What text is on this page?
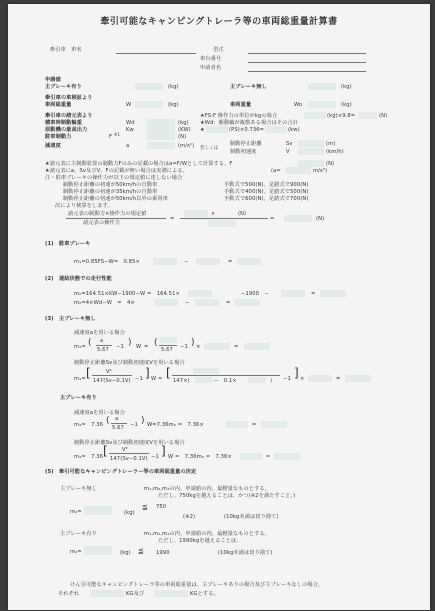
牽引可能なキャンピングトレーラ等の車両総重量計算書
牽引車　車名	型式
車台番号
申請者名
申請値
主ブレーキ有り	(kg)	主ブレーキ無し	(kg)
牽引車の車検証より
車両総重量	W	(kg)	車両重量	Wo	(kg)
牽引車の諸元表より	★FS:F 操作力の単位がkgの場合	(kg)×9.8=	(N)
積車時制動輪重	Wd	(kg) ★Wd：駆動輪が複数ある場合はその合計
原動機の最高出力	Kw	(KW) ★	(PS)×0.736=	(kw)
駐車制動力	F ※1	(N)
減速度	a	(m/s²) 若しくは
制動停止距離	Sv	(m)
制動初速度	V	(km/h)
★諸元表に主制動装置の制動力Fのみの記載の場合はa=F/Wとして計算する。F	(N)
★諸元表にa、Sv及びV、Fの記載が無い場合は実測による。	(a=	m/s²)
注・駐車ブレーキの操作力が以下の規定値に達しない場合
制動停止距離の初速が50km/hの自動車	手動式で500(N)、足踏式で900(N)
制動停止距離の初速が35km/hの自動車	手動式で400(N)、足踏式で500(N)
制動停止距離の初速が50km/h以外の乗用車	手動式で600(N)、足踏式で700(N)
次により検算をします。
諸元表の制動力×操作力の規定値
諸元表の操作力
=
×	(N)
=	(N)
(1)　駐車ブレーキ
m₁=0.85FS−W=　0.85×	−	=
(2)　連結状態での走行性能
m₂=164.51×KW−1900−W =　164.51×	−1900　−	=
m₂=4×Wd−W　=　4×	−	=
(3)　主ブレーキ無し
減速度aを用いる場合
m₃= ( a
5.67 −1 ) W = (
5.67 −1 ) ×	=
制動停止距離Sv及び制動初速度Vを用いる場合
m₃= [	V²
147(Sv−0.1V) −1 ] W = [
147×(	−　0.1×	) −1 ] ×	=
主ブレーキ有り
減速度aを用いる場合
m₄=　7.36 ( a
5.67 −1 ) W=7.36m₀ =　7.36×	=
制動停止距離Sv及び制動初速度Vを用いる場合
m₄=　7.36 [	V²
147(Sv−0.1V) −1 ] W =　7.36m₀ =　7.36×	=
(5)　牽引可能なキャンピングトレーラー等の車両総重量の決定
主ブレーキ無し	m₁,m₂,m₃の内、申請値の内、最軽量なものとする。
ただし、750kgを越えることは、かつ(※2を満たすこと。)
m₀=	(kg)
≦ 750
(※2)	(10kg未満は切り捨て)
主ブレーキ有り	m₁,m₂,m₄の内、申請値の内、最軽量なものとする。
ただし、1990kgを越えることは、
m₀=	(kg) ≦ 1990	(10kg未満は切り捨て)
けん引可能なキャンピングトレーラ等の車両総重量は、主ブレーキありの場合及び主ブレーキなしの場合、
それぞれ	KG及び	KGとする。
